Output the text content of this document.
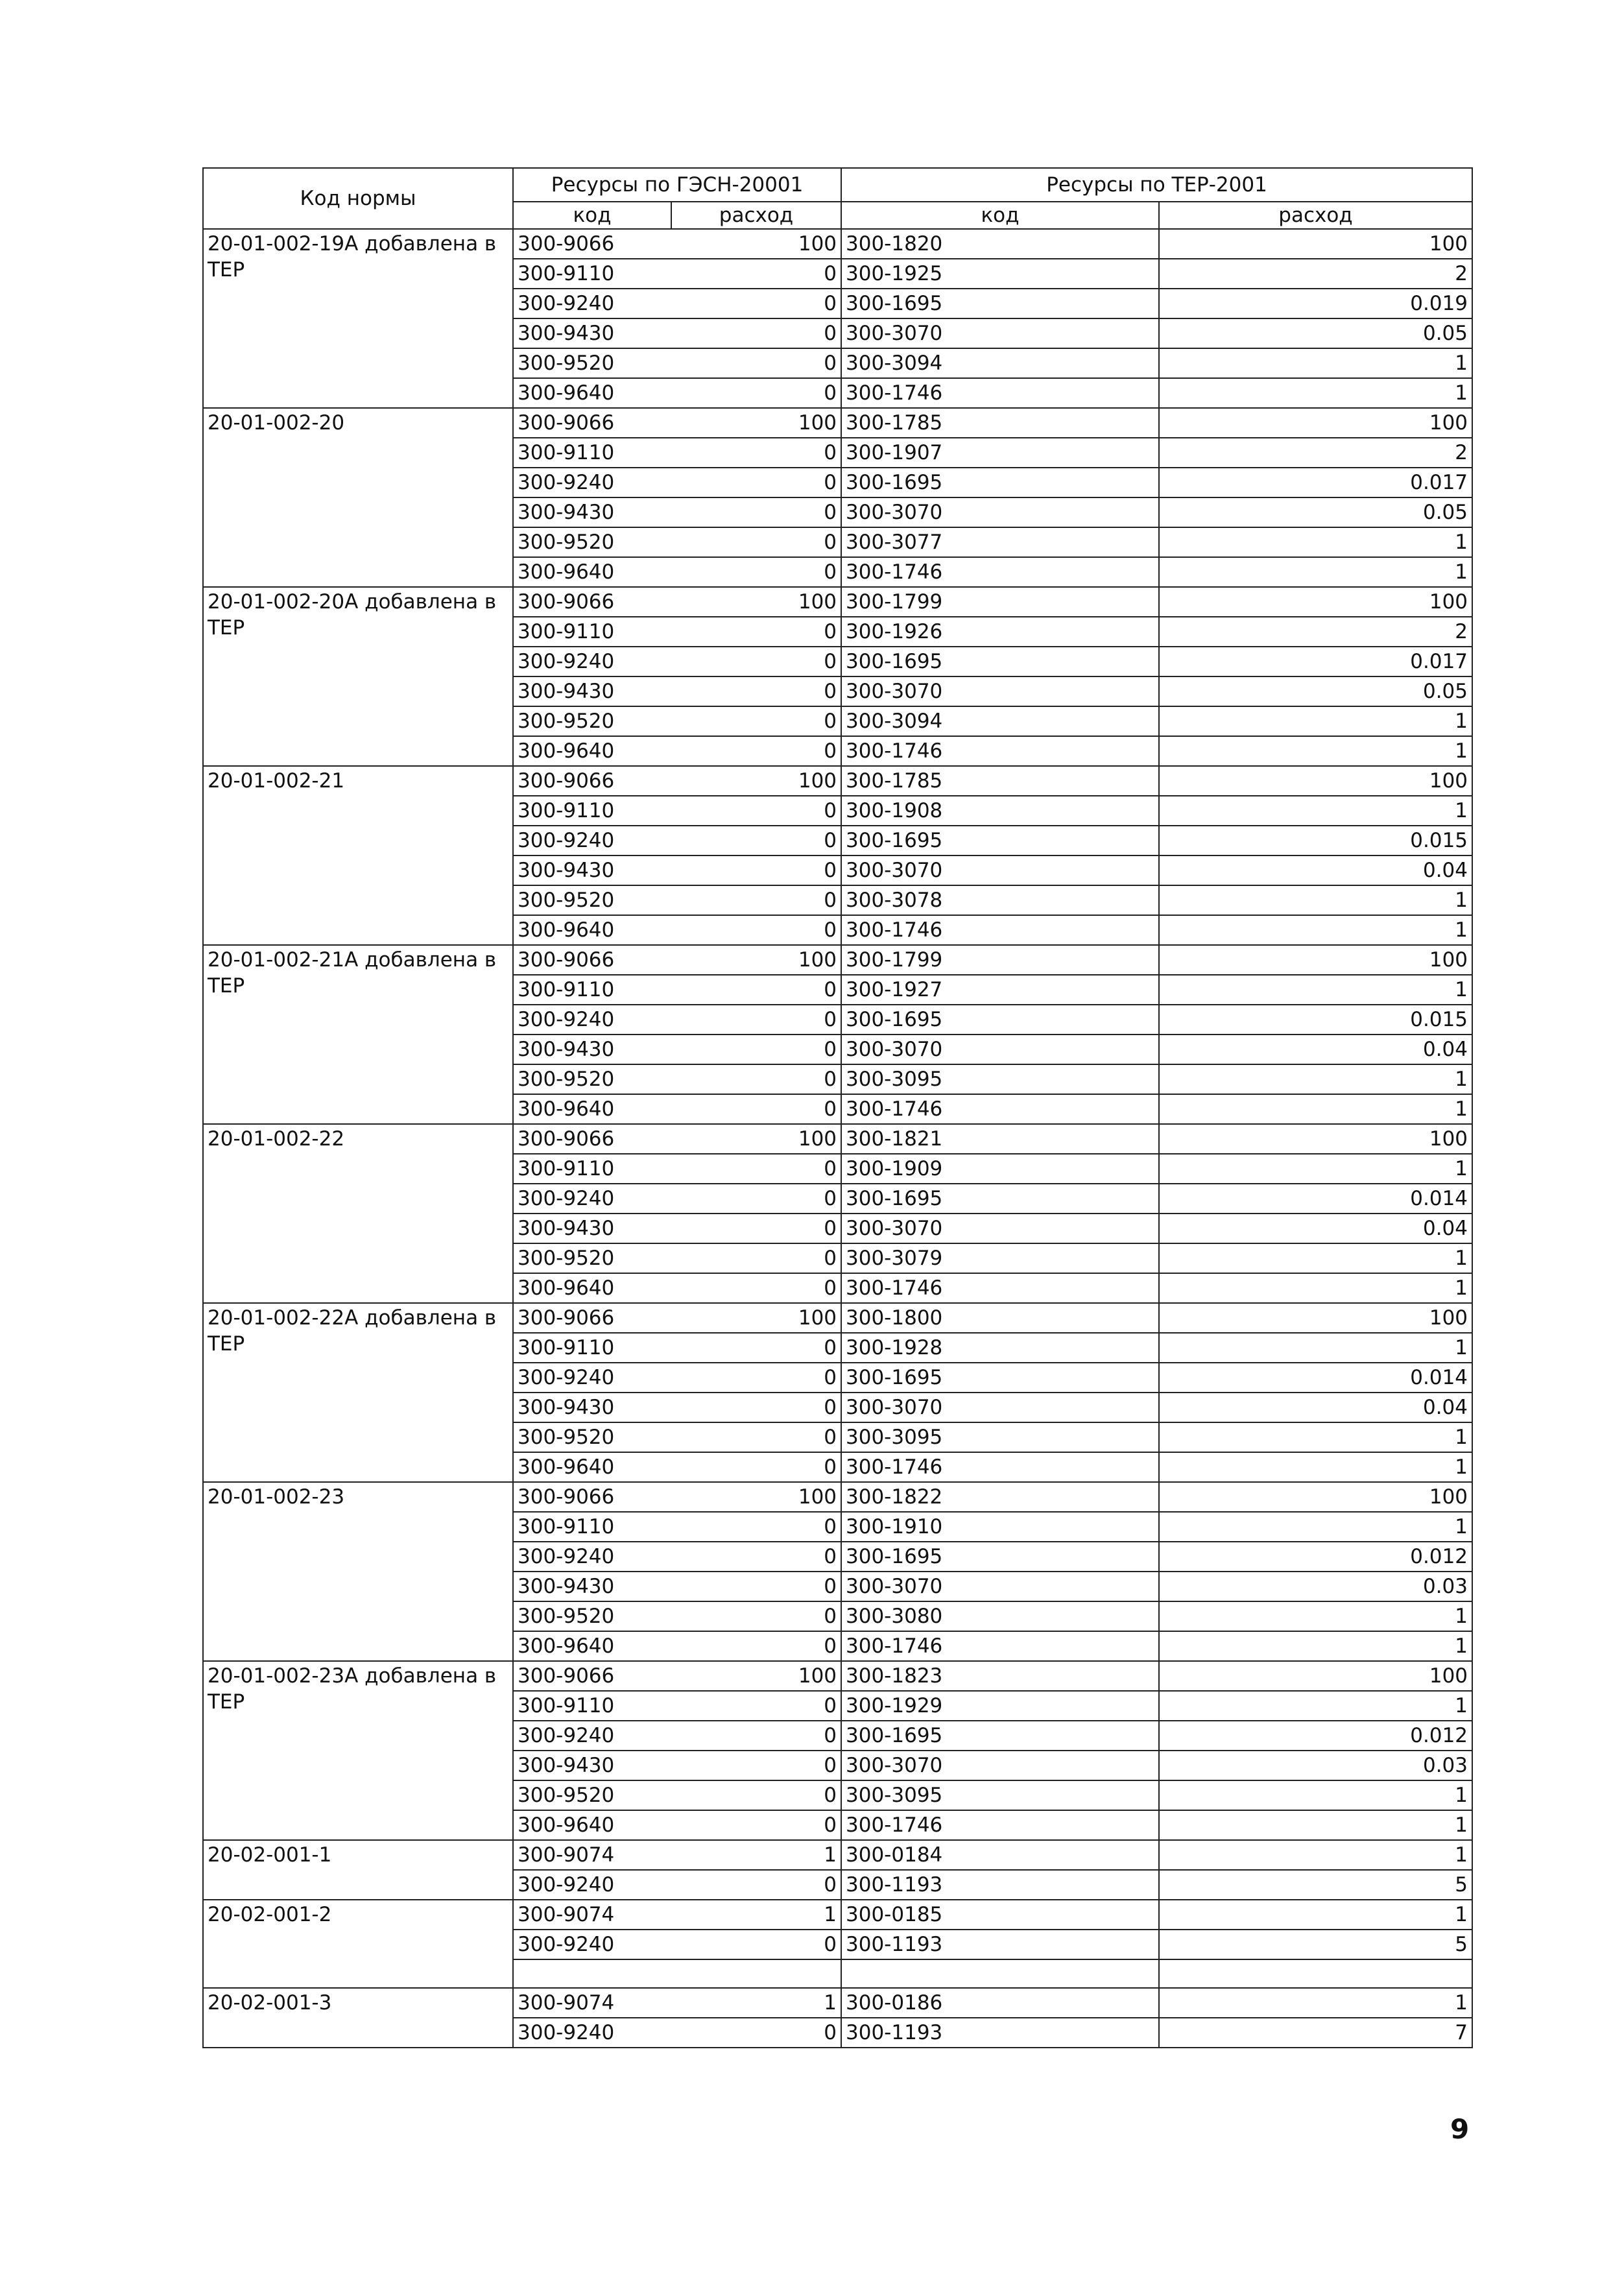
Код нормы	Ресурсы по ГЭСН-20001		Ресурсы по ТЕР-2001	
	код	расход	код	расход
20-01-002-19А добавлена в ТЕР	300-9066	100	300-1820	100
	300-9110	0	300-1925	2
	300-9240	0	300-1695	0.019
	300-9430	0	300-3070	0.05
	300-9520	0	300-3094	1
	300-9640	0	300-1746	1
20-01-002-20	300-9066	100	300-1785	100
	300-9110	0	300-1907	2
	300-9240	0	300-1695	0.017
	300-9430	0	300-3070	0.05
	300-9520	0	300-3077	1
	300-9640	0	300-1746	1
20-01-002-20А добавлена в ТЕР	300-9066	100	300-1799	100
	300-9110	0	300-1926	2
	300-9240	0	300-1695	0.017
	300-9430	0	300-3070	0.05
	300-9520	0	300-3094	1
	300-9640	0	300-1746	1
20-01-002-21	300-9066	100	300-1785	100
	300-9110	0	300-1908	1
	300-9240	0	300-1695	0.015
	300-9430	0	300-3070	0.04
	300-9520	0	300-3078	1
	300-9640	0	300-1746	1
20-01-002-21А добавлена в ТЕР	300-9066	100	300-1799	100
	300-9110	0	300-1927	1
	300-9240	0	300-1695	0.015
	300-9430	0	300-3070	0.04
	300-9520	0	300-3095	1
	300-9640	0	300-1746	1
20-01-002-22	300-9066	100	300-1821	100
	300-9110	0	300-1909	1
	300-9240	0	300-1695	0.014
	300-9430	0	300-3070	0.04
	300-9520	0	300-3079	1
	300-9640	0	300-1746	1
20-01-002-22А добавлена в ТЕР	300-9066	100	300-1800	100
	300-9110	0	300-1928	1
	300-9240	0	300-1695	0.014
	300-9430	0	300-3070	0.04
	300-9520	0	300-3095	1
	300-9640	0	300-1746	1
20-01-002-23	300-9066	100	300-1822	100
	300-9110	0	300-1910	1
	300-9240	0	300-1695	0.012
	300-9430	0	300-3070	0.03
	300-9520	0	300-3080	1
	300-9640	0	300-1746	1
20-01-002-23А добавлена в ТЕР	300-9066	100	300-1823	100
	300-9110	0	300-1929	1
	300-9240	0	300-1695	0.012
	300-9430	0	300-3070	0.03
	300-9520	0	300-3095	1
	300-9640	0	300-1746	1
20-02-001-1	300-9074	1	300-0184	1
	300-9240	0	300-1193	5
20-02-001-2	300-9074	1	300-0185	1
	300-9240	0	300-1193	5

20-02-001-3	300-9074	1	300-0186	1
	300-9240	0	300-1193	7
9
